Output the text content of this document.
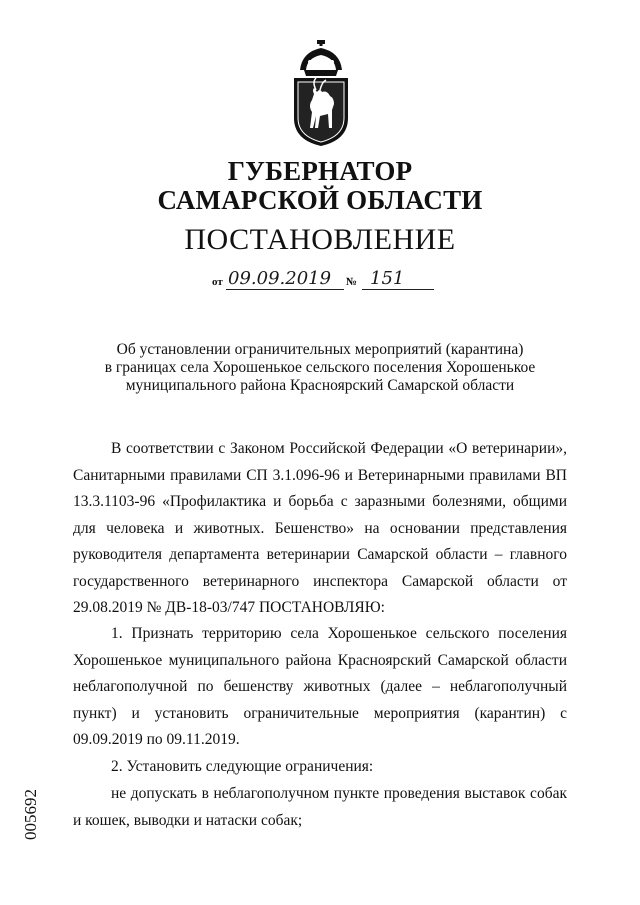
ГУБЕРНАТОР
САМАРСКОЙ ОБЛАСТИ
ПОСТАНОВЛЕНИЕ
от 09.09.2019 № 151
Об установлении ограничительных мероприятий (карантина)
в границах села Хорошенькое сельского поселения Хорошенькое
муниципального района Красноярский Самарской области

В соответствии с Законом Российской Федерации «О ветеринарии», Санитарными правилами СП 3.1.096-96 и Ветеринарными правилами ВП 13.3.1103-96 «Профилактика и борьба с заразными болезнями, общими для человека и животных. Бешенство» на основании представления руководителя департамента ветеринарии Самарской области – главного государственного ветеринарного инспектора Самарской области от 29.08.2019 № ДВ-18-03/747 ПОСТАНОВЛЯЮ:

1. Признать территорию села Хорошенькое сельского поселения Хорошенькое муниципального района Красноярский Самарской области неблагополучной по бешенству животных (далее – неблагополучный пункт) и установить ограничительные мероприятия (карантин) с 09.09.2019 по 09.11.2019.

2. Установить следующие ограничения:

не допускать в неблагополучном пункте проведения выставок собак и кошек, выводки и натаски собак;

005692
